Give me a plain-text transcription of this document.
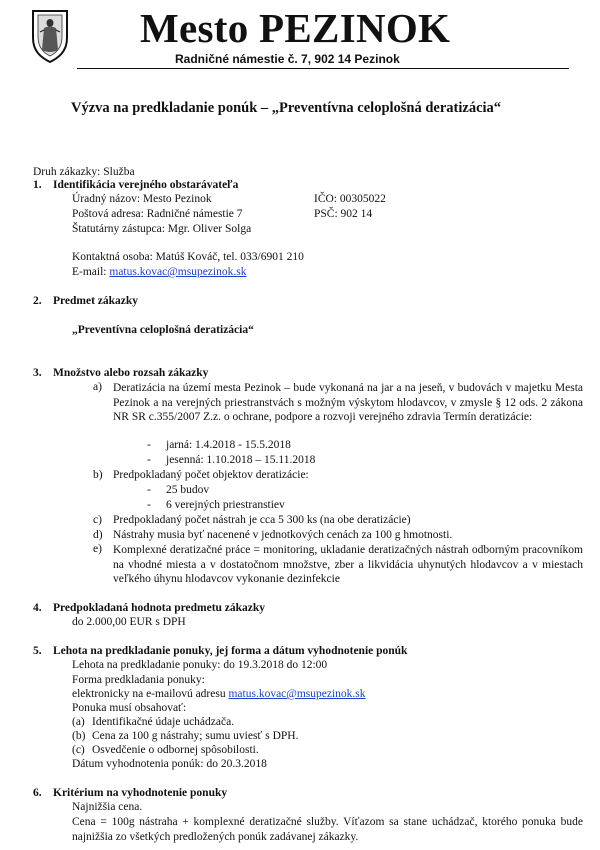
Mesto PEZINOK
Radničné námestie č. 7, 902 14 Pezinok
Výzva na predkladanie ponúk – „Preventívna celoplošná deratizácia“
Druh zákazky: Služba
1. Identifikácia verejného obstarávateľa
Úradný názov: Mesto Pezinok	IČO: 00305022
Poštová adresa: Radničné námestie 7	PSČ: 902 14
Štatutárny zástupca: Mgr. Oliver Solga
Kontaktná osoba: Matúš Kováč, tel. 033/6901 210
E-mail: matus.kovac@msupezinok.sk
2. Predmet zákazky
„Preventívna celoplošná deratizácia“
3. Množstvo alebo rozsah zákazky
a) Deratizácia na území mesta Pezinok – bude vykonaná na jar a na jeseň, v budovách v majetku Mesta Pezinok a na verejných priestranstvách s možným výskytom hlodavcov, v zmysle § 12 ods. 2 zákona NR SR c.355/2007 Z.z. o ochrane, podpore a rozvoji verejného zdravia Termín deratizácie:
- jarná: 1.4.2018 - 15.5.2018
- jesenná: 1.10.2018 – 15.11.2018
b) Predpokladaný počet objektov deratizácie:
- 25 budov
- 6 verejných priestranstiev
c) Predpokladaný počet nástrah je cca 5 300 ks (na obe deratizácie)
d) Nástrahy musia byť nacenené v jednotkových cenách za 100 g hmotnosti.
e) Komplexné deratizačné práce = monitoring, ukladanie deratizačných nástrah odborným pracovníkom na vhodné miesta a v dostatočnom množstve, zber a likvidácia uhynutých hlodavcov a v miestach veľkého úhynu hlodavcov vykonanie dezinfekcie
4. Predpokladaná hodnota predmetu zákazky
do 2.000,00 EUR s DPH
5. Lehota na predkladanie ponuky, jej forma a dátum vyhodnotenie ponúk
Lehota na predkladanie ponuky: do 19.3.2018 do 12:00
Forma predkladania ponuky:
elektronicky na e-mailovú adresu matus.kovac@msupezinok.sk
Ponuka musí obsahovať:
(a) Identifikačné údaje uchádzača.
(b) Cena za 100 g nástrahy; sumu uviesť s DPH.
(c) Osvedčenie o odbornej spôsobilosti.
Dátum vyhodnotenia ponúk: do 20.3.2018
6. Kritérium na vyhodnotenie ponuky
Najnižšia cena.
Cena = 100g nástraha + komplexné deratizačné služby. Víťazom sa stane uchádzač, ktorého ponuka bude najnižšia zo všetkých predložených ponúk zadávanej zákazky.
